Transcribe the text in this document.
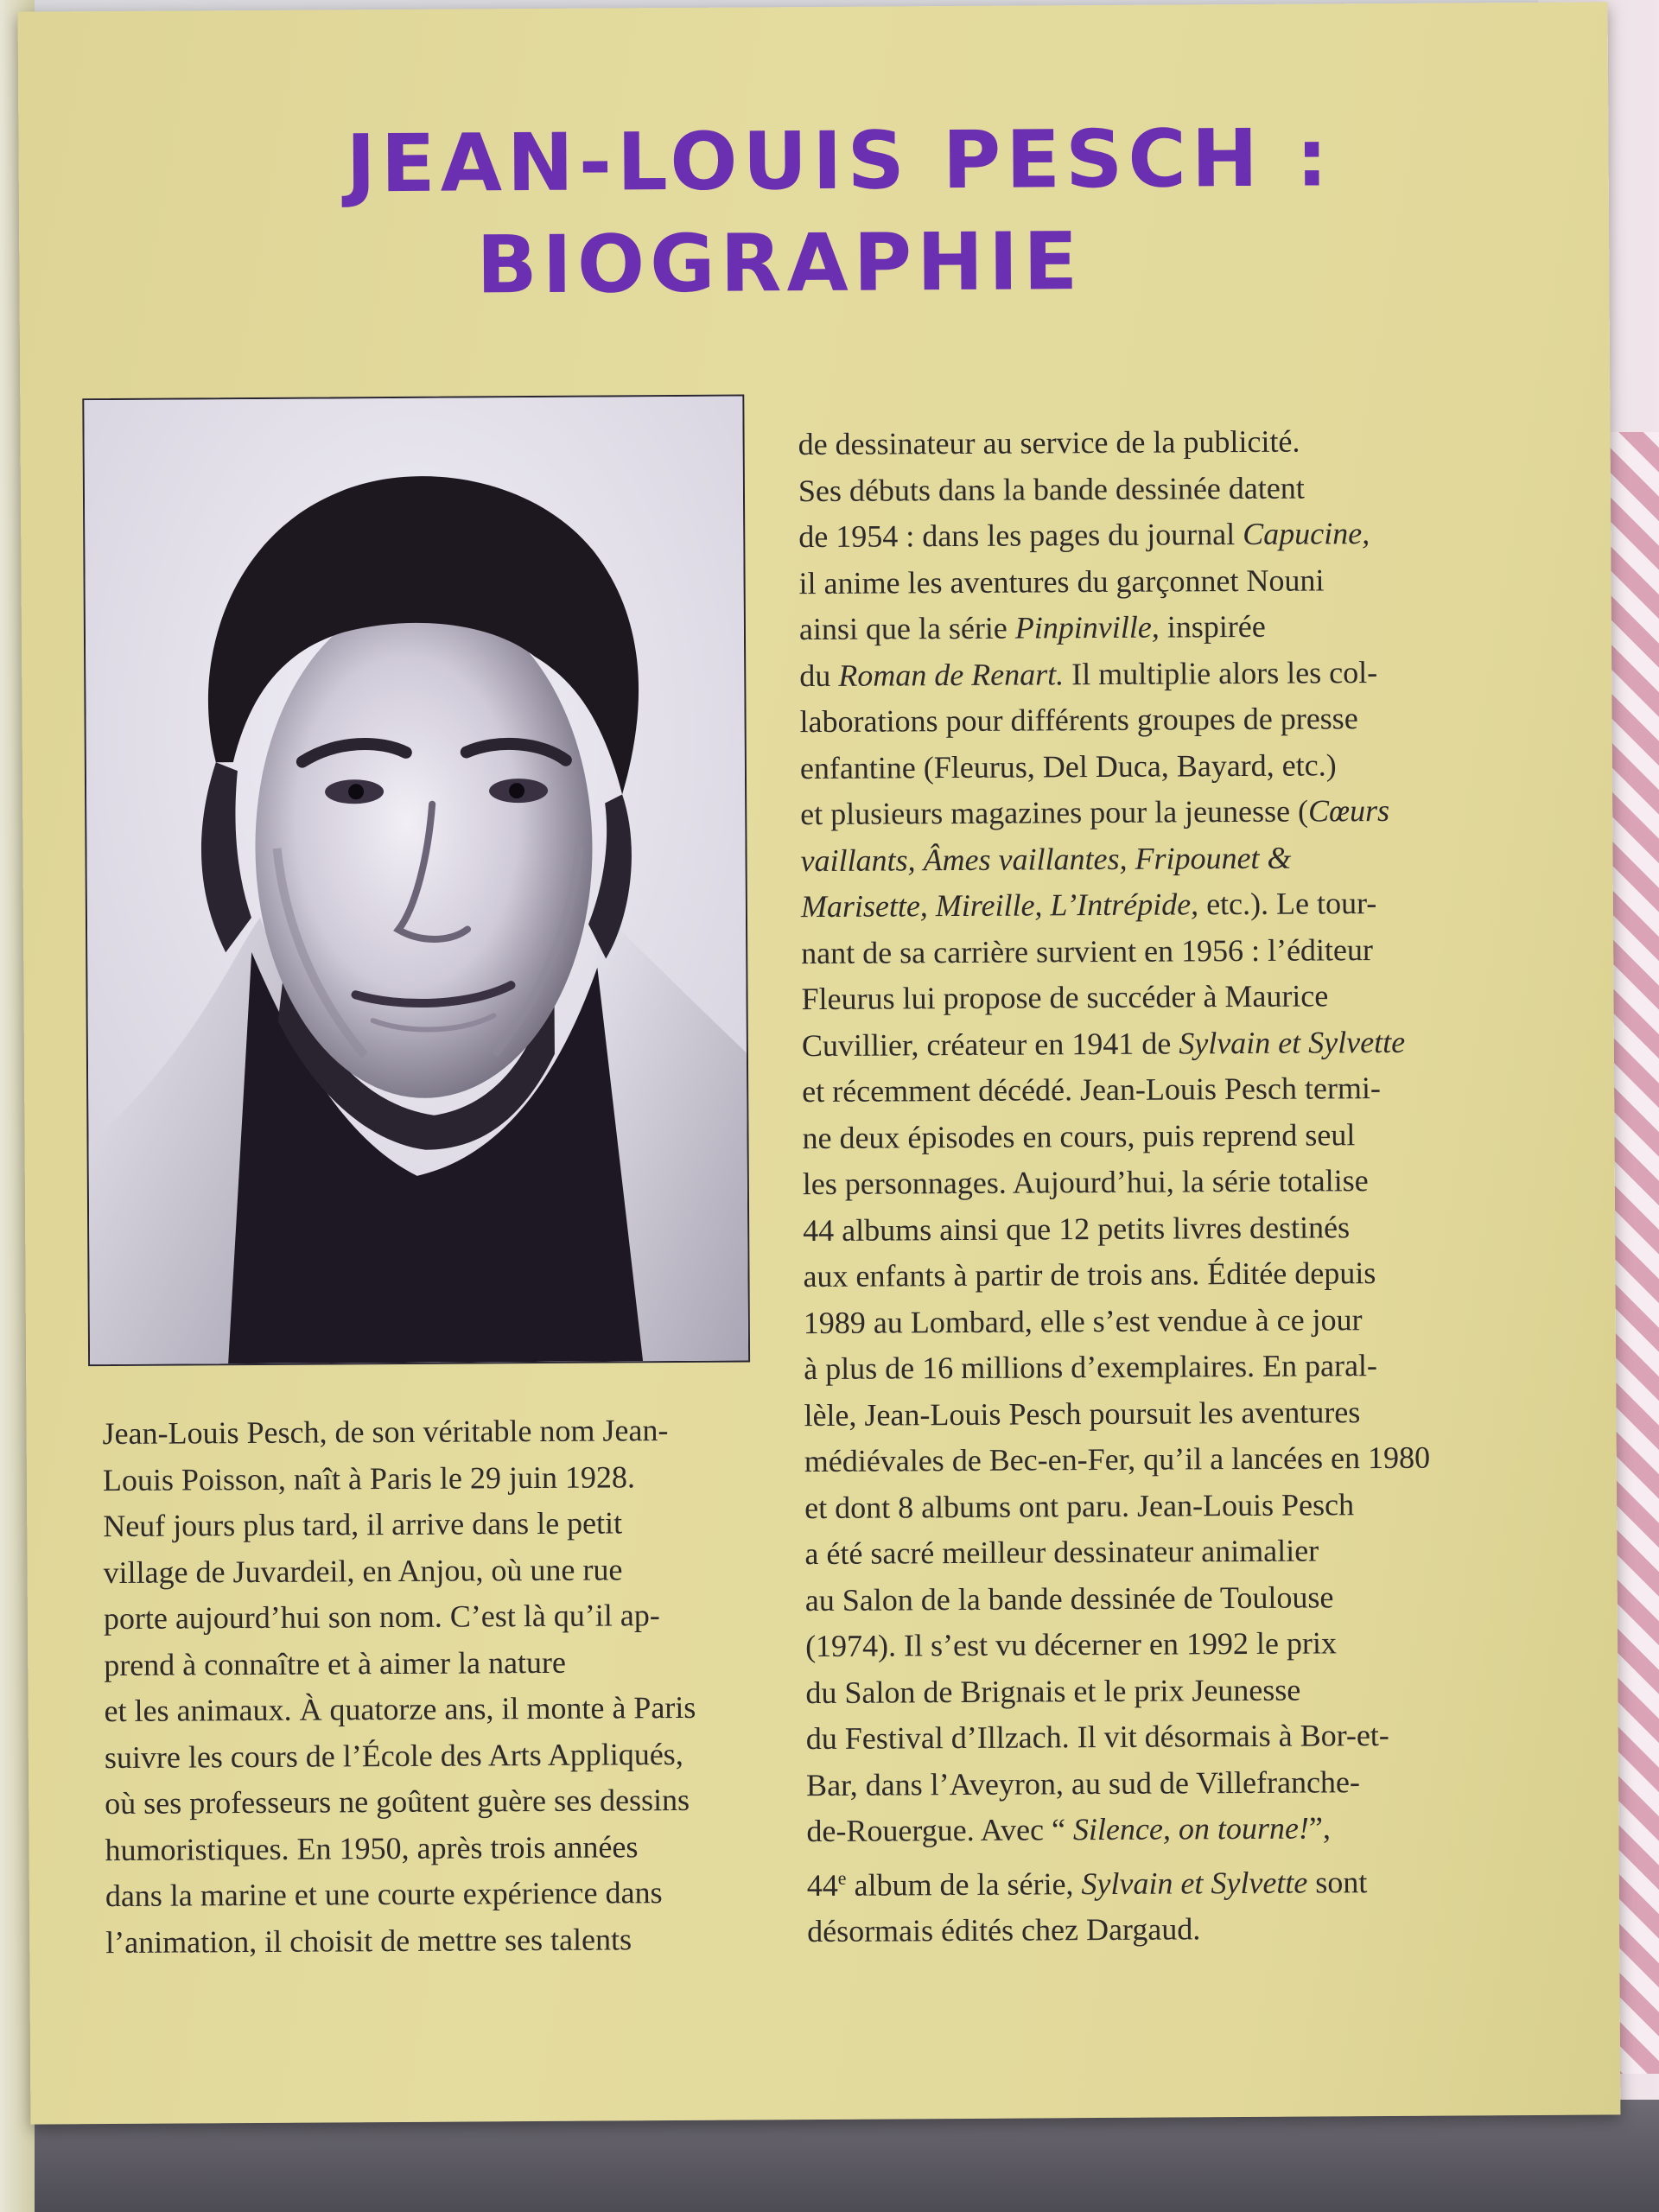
JEAN-LOUIS PESCH :
BIOGRAPHIE

Jean-Louis Pesch, de son véritable nom Jean-

Louis Poisson, naît à Paris le 29 juin 1928.

Neuf jours plus tard, il arrive dans le petit

village de Juvardeil, en Anjou, où une rue

porte aujourd’hui son nom. C’est là qu’il ap-

prend à connaître et à aimer la nature

et les animaux. À quatorze ans, il monte à Paris

suivre les cours de l’École des Arts Appliqués,

où ses professeurs ne goûtent guère ses dessins

humoristiques. En 1950, après trois années

dans la marine et une courte expérience dans

l’animation, il choisit de mettre ses talents

de dessinateur au service de la publicité.

Ses débuts dans la bande dessinée datent

de 1954 : dans les pages du journal Capucine,

il anime les aventures du garçonnet Nouni

ainsi que la série Pinpinville, inspirée

du Roman de Renart. Il multiplie alors les col-

laborations pour différents groupes de presse

enfantine (Fleurus, Del Duca, Bayard, etc.)

et plusieurs magazines pour la jeunesse (Cœurs

vaillants, Âmes vaillantes, Fripounet &

Marisette, Mireille, L’Intrépide, etc.). Le tour-

nant de sa carrière survient en 1956 : l’éditeur

Fleurus lui propose de succéder à Maurice

Cuvillier, créateur en 1941 de Sylvain et Sylvette

et récemment décédé. Jean-Louis Pesch termi-

ne deux épisodes en cours, puis reprend seul

les personnages. Aujourd’hui, la série totalise

44 albums ainsi que 12 petits livres destinés

aux enfants à partir de trois ans. Éditée depuis

1989 au Lombard, elle s’est vendue à ce jour

à plus de 16 millions d’exemplaires. En paral-

lèle, Jean-Louis Pesch poursuit les aventures

médiévales de Bec-en-Fer, qu’il a lancées en 1980

et dont 8 albums ont paru. Jean-Louis Pesch

a été sacré meilleur dessinateur animalier

au Salon de la bande dessinée de Toulouse

(1974). Il s’est vu décerner en 1992 le prix

du Salon de Brignais et le prix Jeunesse

du Festival d’Illzach. Il vit désormais à Bor-et-

Bar, dans l’Aveyron, au sud de Villefranche-

de-Rouergue. Avec “ Silence, on tourne!”,

44e album de la série, Sylvain et Sylvette sont

désormais édités chez Dargaud.
